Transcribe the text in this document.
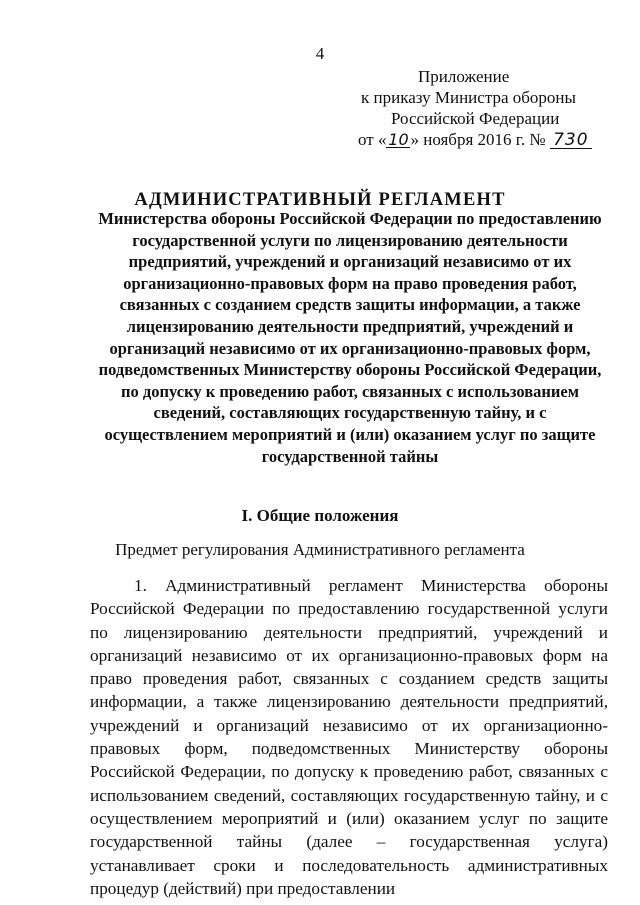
4
Приложение
к приказу Министра обороны
Российской Федерации
от « 10 » ноября 2016 г. № 730
АДМИНИСТРАТИВНЫЙ РЕГЛАМЕНТ
Министерства обороны Российской Федерации по предоставлению государственной услуги по лицензированию деятельности предприятий, учреждений и организаций независимо от их организационно-правовых форм на право проведения работ, связанных с созданием средств защиты информации, а также лицензированию деятельности предприятий, учреждений и организаций независимо от их организационно-правовых форм, подведомственных Министерству обороны Российской Федерации, по допуску к проведению работ, связанных с использованием сведений, составляющих государственную тайну, и с осуществлением мероприятий и (или) оказанием услуг по защите государственной тайны
I. Общие положения
Предмет регулирования Административного регламента

1. Административный регламент Министерства обороны Российской Федерации по предоставлению государственной услуги по лицензированию деятельности предприятий, учреждений и организаций независимо от их организационно-правовых форм на право проведения работ, связанных с созданием средств защиты информации, а также лицензированию деятельности предприятий, учреждений и организаций независимо от их организационно-правовых форм, подведомственных Министерству обороны Российской Федерации, по допуску к проведению работ, связанных с использованием сведений, составляющих государственную тайну, и с осуществлением мероприятий и (или) оказанием услуг по защите государственной тайны (далее – государственная услуга) устанавливает сроки и последовательность административных процедур (действий) при предоставлении
